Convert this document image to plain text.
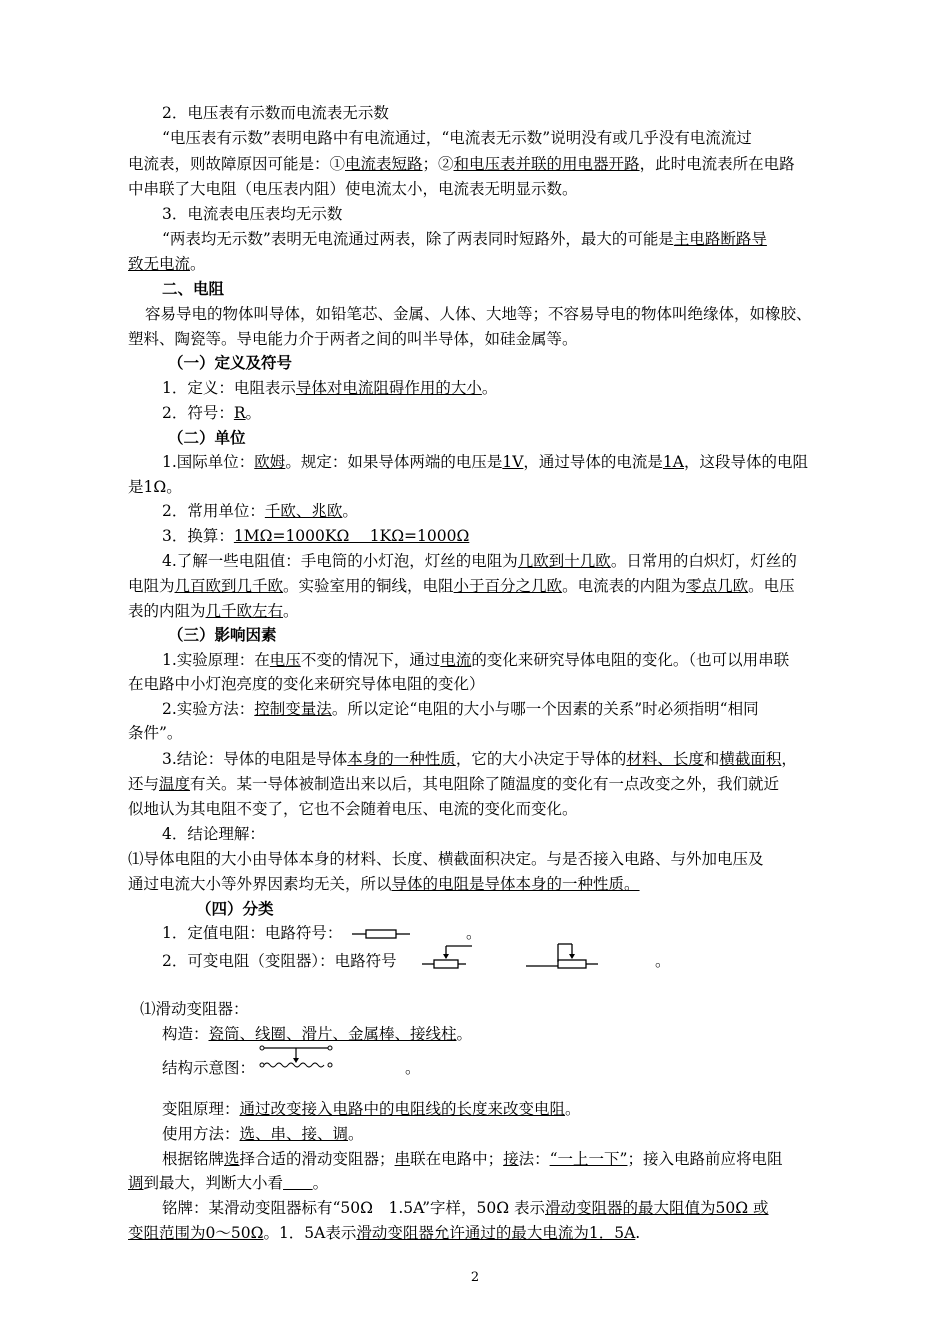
2．电压表有示数而电流表无示数
“电压表有示数”表明电路中有电流通过，“电流表无示数”说明没有或几乎没有电流流过
电流表，则故障原因可能是：①电流表短路；②和电压表并联的用电器开路，此时电流表所在电路
中串联了大电阻（电压表内阻）使电流太小，电流表无明显示数。
3．电流表电压表均无示数
“两表均无示数”表明无电流通过两表，除了两表同时短路外，最大的可能是主电路断路导
致无电流。
二、电阻
容易导电的物体叫导体，如铅笔芯、金属、人体、大地等；不容易导电的物体叫绝缘体，如橡胶、
塑料、陶瓷等。导电能力介于两者之间的叫半导体，如硅金属等。
（一）定义及符号
1．定义：电阻表示导体对电流阻碍作用的大小。
2．符号：R。
（二）单位
1.国际单位：欧姆。规定：如果导体两端的电压是1V，通过导体的电流是1A，这段导体的电阻
是1Ω。
2．常用单位：千欧、兆欧。
3．换算：1MΩ=1000KΩ　 1KΩ=1000Ω
4.了解一些电阻值：手电筒的小灯泡，灯丝的电阻为几欧到十几欧。日常用的白炽灯，灯丝的
电阻为几百欧到几千欧。实验室用的铜线，电阻小于百分之几欧。电流表的内阻为零点几欧。电压
表的内阻为几千欧左右。
（三）影响因素
1.实验原理：在电压不变的情况下，通过电流的变化来研究导体电阻的变化。（也可以用串联
在电路中小灯泡亮度的变化来研究导体电阻的变化）
2.实验方法：控制变量法。所以定论“电阻的大小与哪一个因素的关系”时必须指明“相同
条件”。
3.结论：导体的电阻是导体本身的一种性质，它的大小决定于导体的材料、长度和横截面积，
还与温度有关。某一导体被制造出来以后，其电阻除了随温度的变化有一点改变之外，我们就近
似地认为其电阻不变了，它也不会随着电压、电流的变化而变化。
4．结论理解：
⑴导体电阻的大小由导体本身的材料、长度、横截面积决定。与是否接入电路、与外加电压及
通过电流大小等外界因素均无关，所以导体的电阻是导体本身的一种性质。
（四）分类
1．定值电阻：电路符号：	。
2．可变电阻（变阻器）：电路符号	。
⑴滑动变阻器：
构造：瓷筒、线圈、滑片、金属棒、接线柱。
结构示意图：	。
变阻原理：通过改变接入电路中的电阻线的长度来改变电阻。
使用方法：选、串、接、调。
根据铭牌选择合适的滑动变阻器；串联在电路中；接法：“一上一下”；接入电路前应将电阻
调到最大，判断大小看 。
铭牌：某滑动变阻器标有“50Ω　1.5A”字样，50Ω 表示滑动变阻器的最大阻值为50Ω 或
变阻范围为0～50Ω。1．5A表示滑动变阻器允许通过的最大电流为1．5A.
2
